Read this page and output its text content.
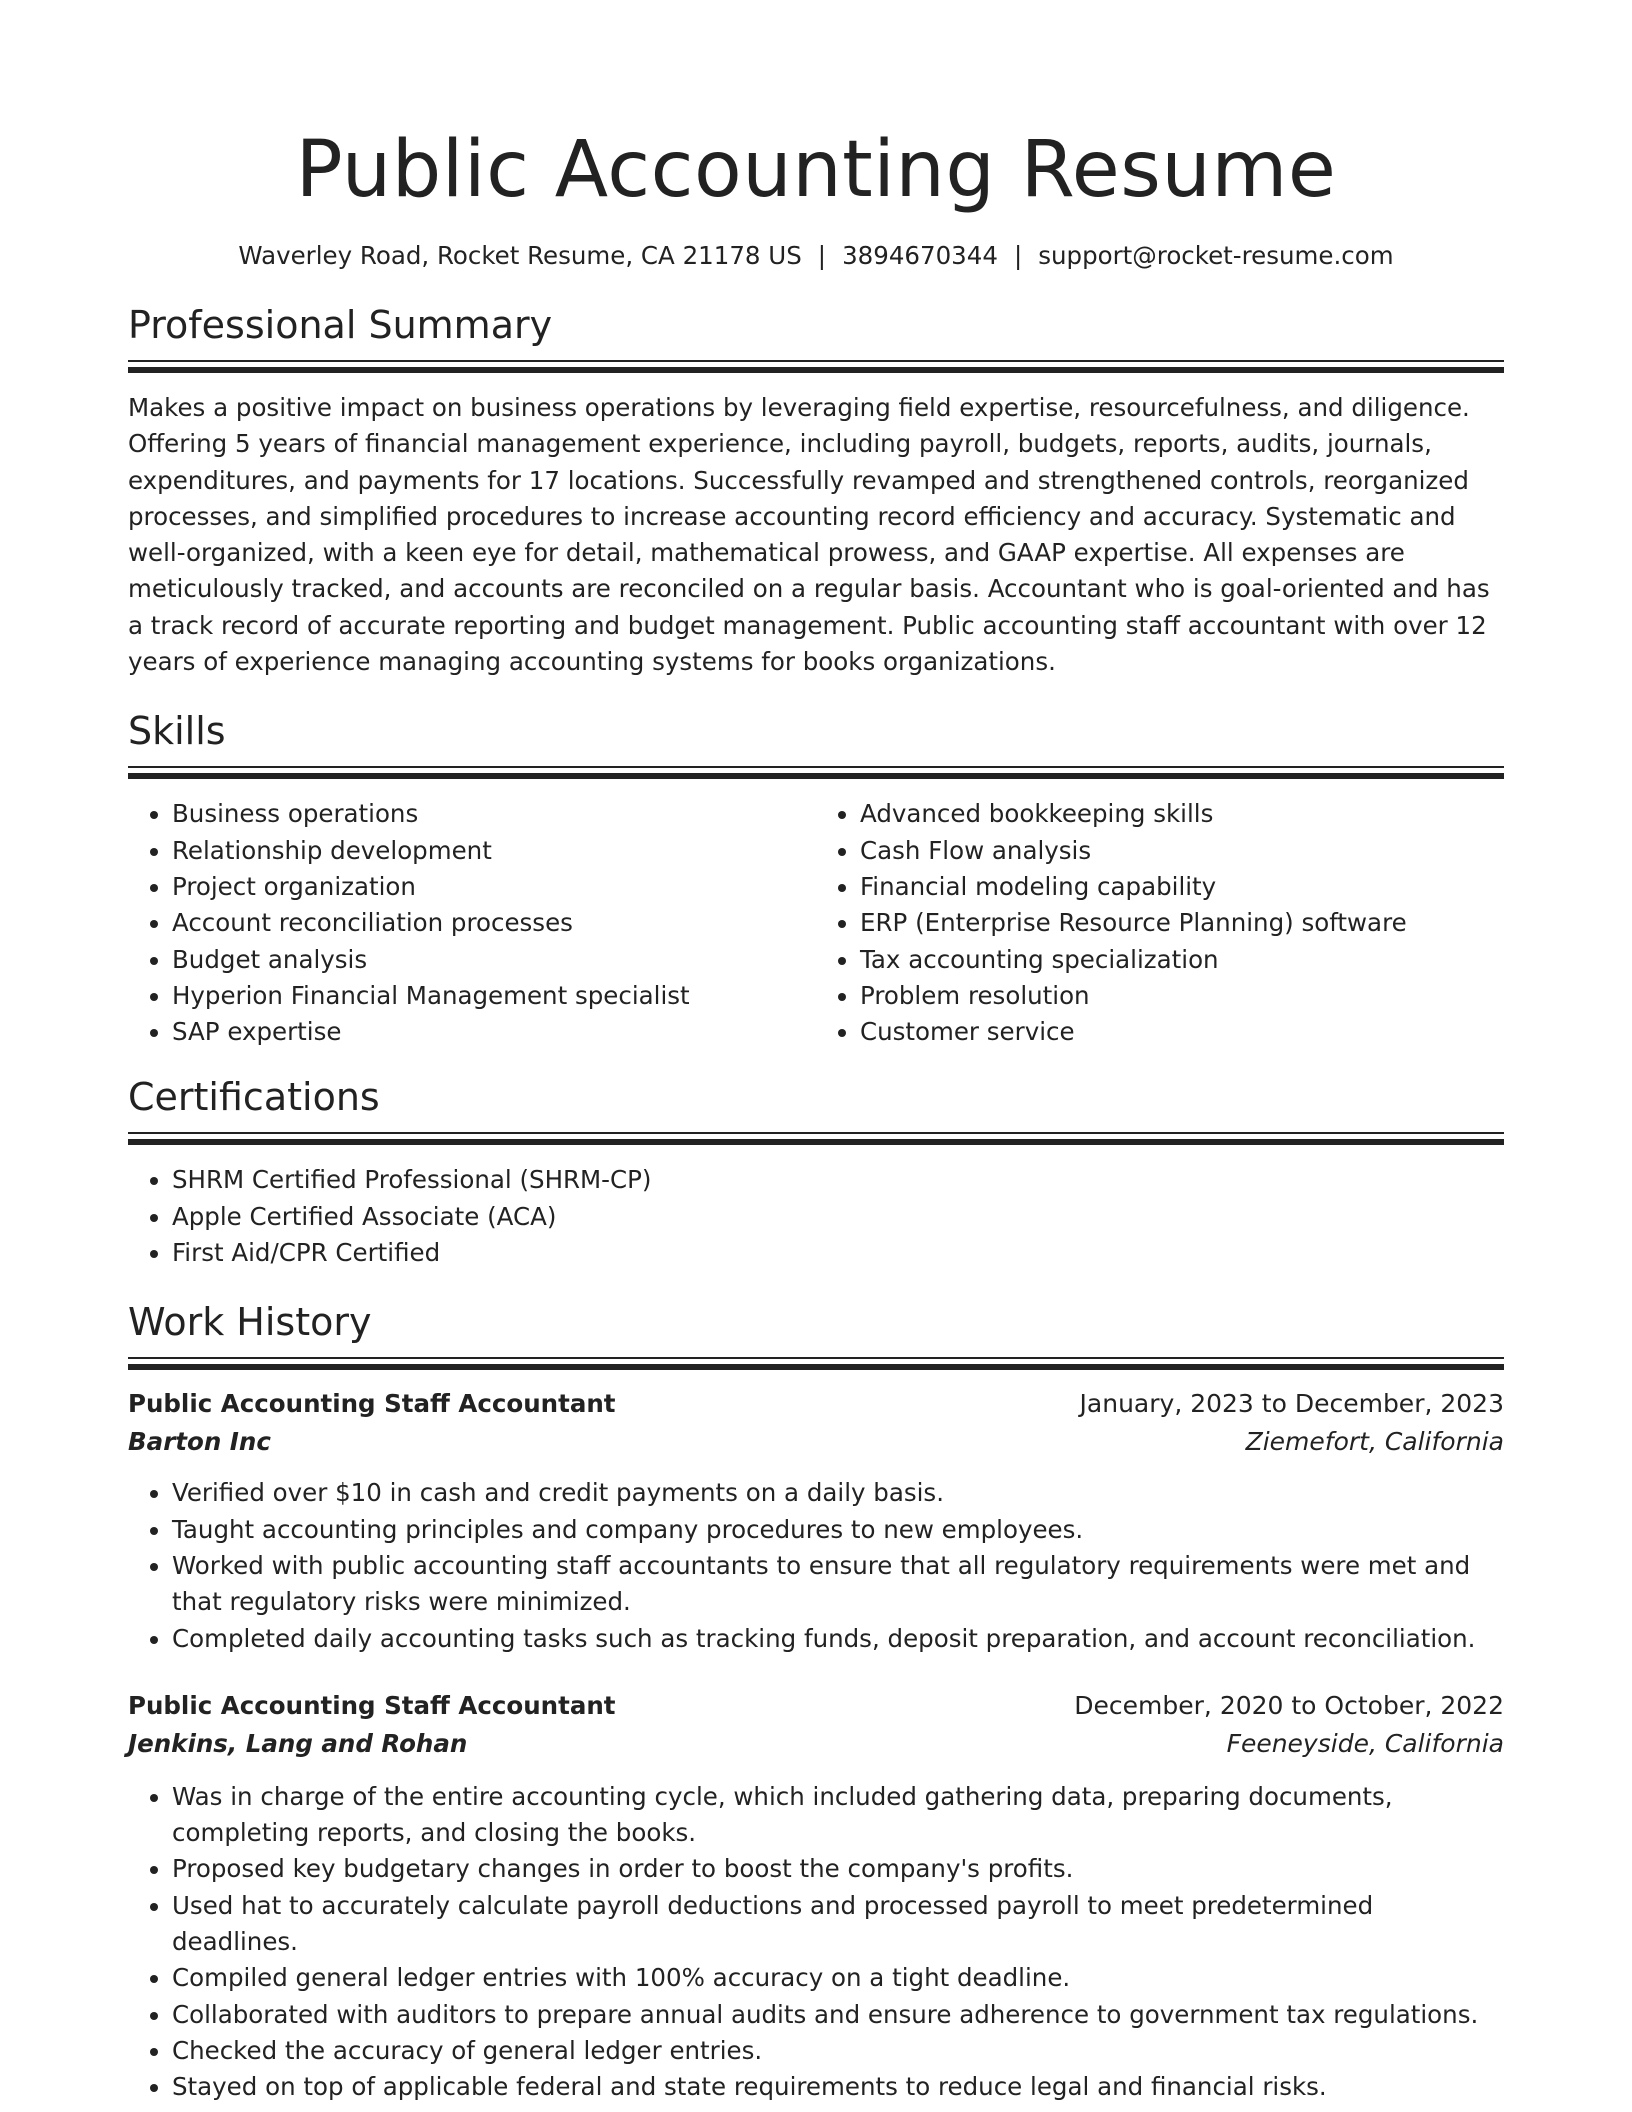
Public Accounting Resume
Waverley Road, Rocket Resume, CA 21178 US | 3894670344 | support@rocket-resume.com
Professional Summary

Makes a positive impact on business operations by leveraging field expertise, resourcefulness, and diligence. Offering 5 years of financial management experience, including payroll, budgets, reports, audits, journals, expenditures, and payments for 17 locations. Successfully revamped and strengthened controls, reorganized processes, and simplified procedures to increase accounting record efficiency and accuracy. Systematic and well-organized, with a keen eye for detail, mathematical prowess, and GAAP expertise. All expenses are meticulously tracked, and accounts are reconciled on a regular basis. Accountant who is goal-oriented and has a track record of accurate reporting and budget management. Public accounting staff accountant with over 12 years of experience managing accounting systems for books organizations.

Skills
• Business operations
• Relationship development
• Project organization
• Account reconciliation processes
• Budget analysis
• Hyperion Financial Management specialist
• SAP expertise
• Advanced bookkeeping skills
• Cash Flow analysis
• Financial modeling capability
• ERP (Enterprise Resource Planning) software
• Tax accounting specialization
• Problem resolution
• Customer service
Certifications
• SHRM Certified Professional (SHRM-CP)
• Apple Certified Associate (ACA)
• First Aid/CPR Certified
Work History
Public Accounting Staff Accountant	January, 2023 to December, 2023
Barton Inc	Ziemefort, California
• Verified over $10 in cash and credit payments on a daily basis.
• Taught accounting principles and company procedures to new employees.
• Worked with public accounting staff accountants to ensure that all regulatory requirements were met and that regulatory risks were minimized.
• Completed daily accounting tasks such as tracking funds, deposit preparation, and account reconciliation.
Public Accounting Staff Accountant	December, 2020 to October, 2022
Jenkins, Lang and Rohan	Feeneyside, California
• Was in charge of the entire accounting cycle, which included gathering data, preparing documents, completing reports, and closing the books.
• Proposed key budgetary changes in order to boost the company's profits.
• Used hat to accurately calculate payroll deductions and processed payroll to meet predetermined deadlines.
• Compiled general ledger entries with 100% accuracy on a tight deadline.
• Collaborated with auditors to prepare annual audits and ensure adherence to government tax regulations.
• Checked the accuracy of general ledger entries.
• Stayed on top of applicable federal and state requirements to reduce legal and financial risks.
